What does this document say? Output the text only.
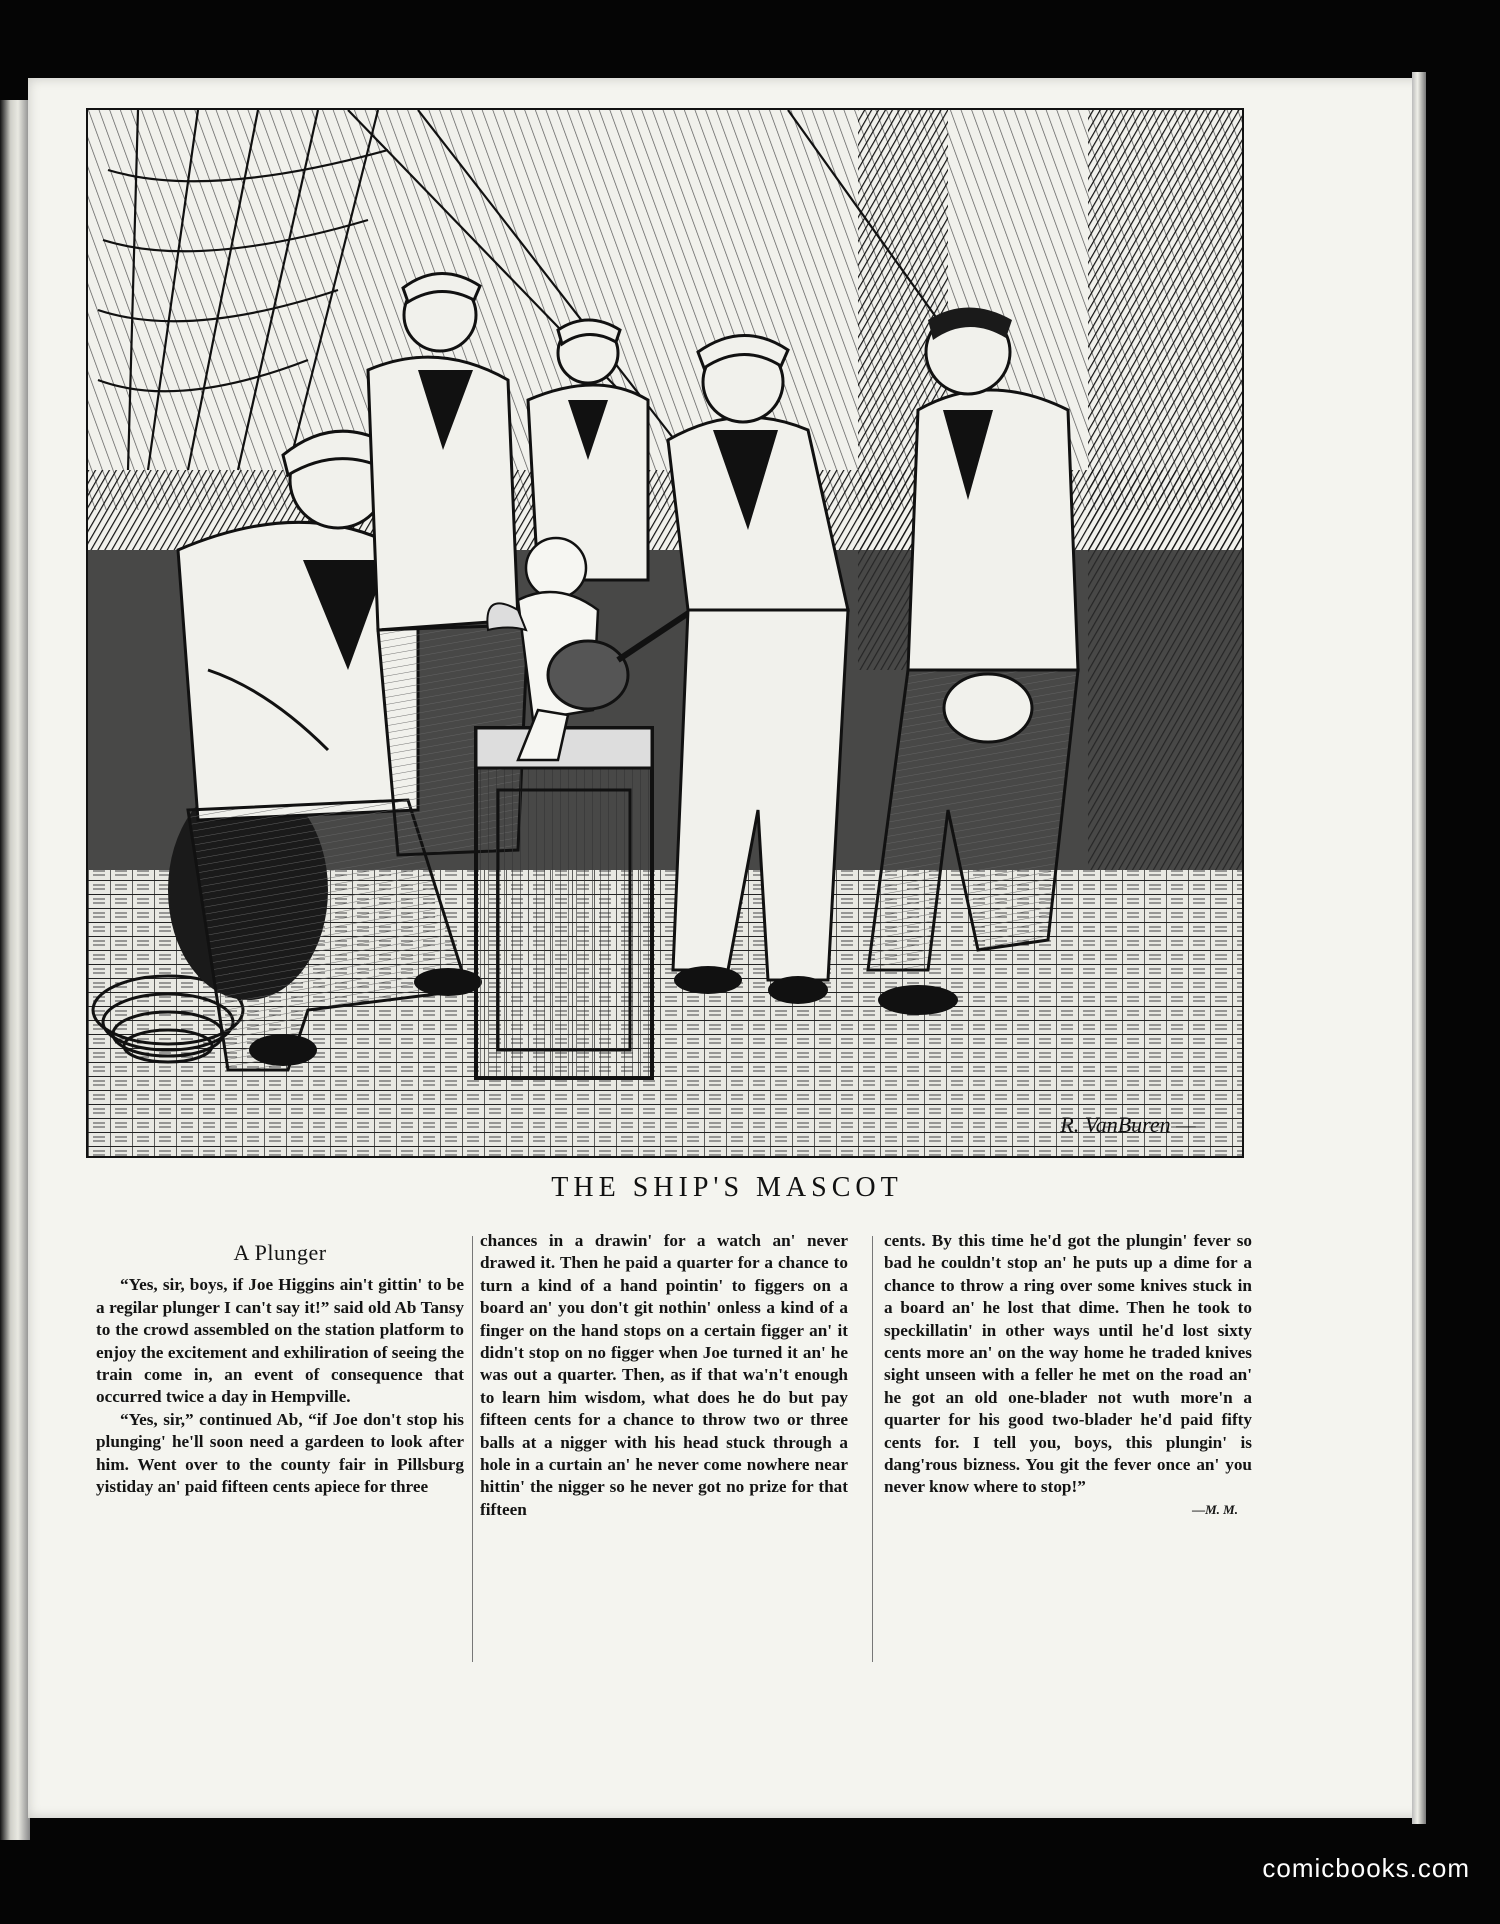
R. VanBuren —
THE SHIP'S MASCOT
A Plunger

“Yes, sir, boys, if Joe Higgins ain't gittin' to be a regilar plunger I can't say it!” said old Ab Tansy to the crowd assembled on the station platform to enjoy the excitement and exhiliration of seeing the train come in, an event of consequence that occurred twice a day in Hempville.

“Yes, sir,” continued Ab, “if Joe don't stop his plunging' he'll soon need a gardeen to look after him. Went over to the county fair in Pillsburg yistiday an' paid fifteen cents apiece for three

chances in a drawin' for a watch an' never drawed it. Then he paid a quarter for a chance to turn a kind of a hand pointin' to figgers on a board an' you don't git nothin' onless a kind of a finger on the hand stops on a certain figger an' it didn't stop on no figger when Joe turned it an' he was out a quarter. Then, as if that wa'n't enough to learn him wisdom, what does he do but pay fifteen cents for a chance to throw two or three balls at a nigger with his head stuck through a hole in a curtain an' he never come nowhere near hittin' the nigger so he never got no prize for that fifteen

cents. By this time he'd got the plungin' fever so bad he couldn't stop an' he puts up a dime for a chance to throw a ring over some knives stuck in a board an' he lost that dime. Then he took to speckillatin' in other ways until he'd lost sixty cents more an' on the way home he traded knives sight unseen with a feller he met on the road an' he got an old one-blader not wuth more'n a quarter for his good two-blader he'd paid fifty cents for. I tell you, boys, this plungin' is dang'rous bizness. You git the fever once an' you never know where to stop!”

—M. M.
comicbooks.com
